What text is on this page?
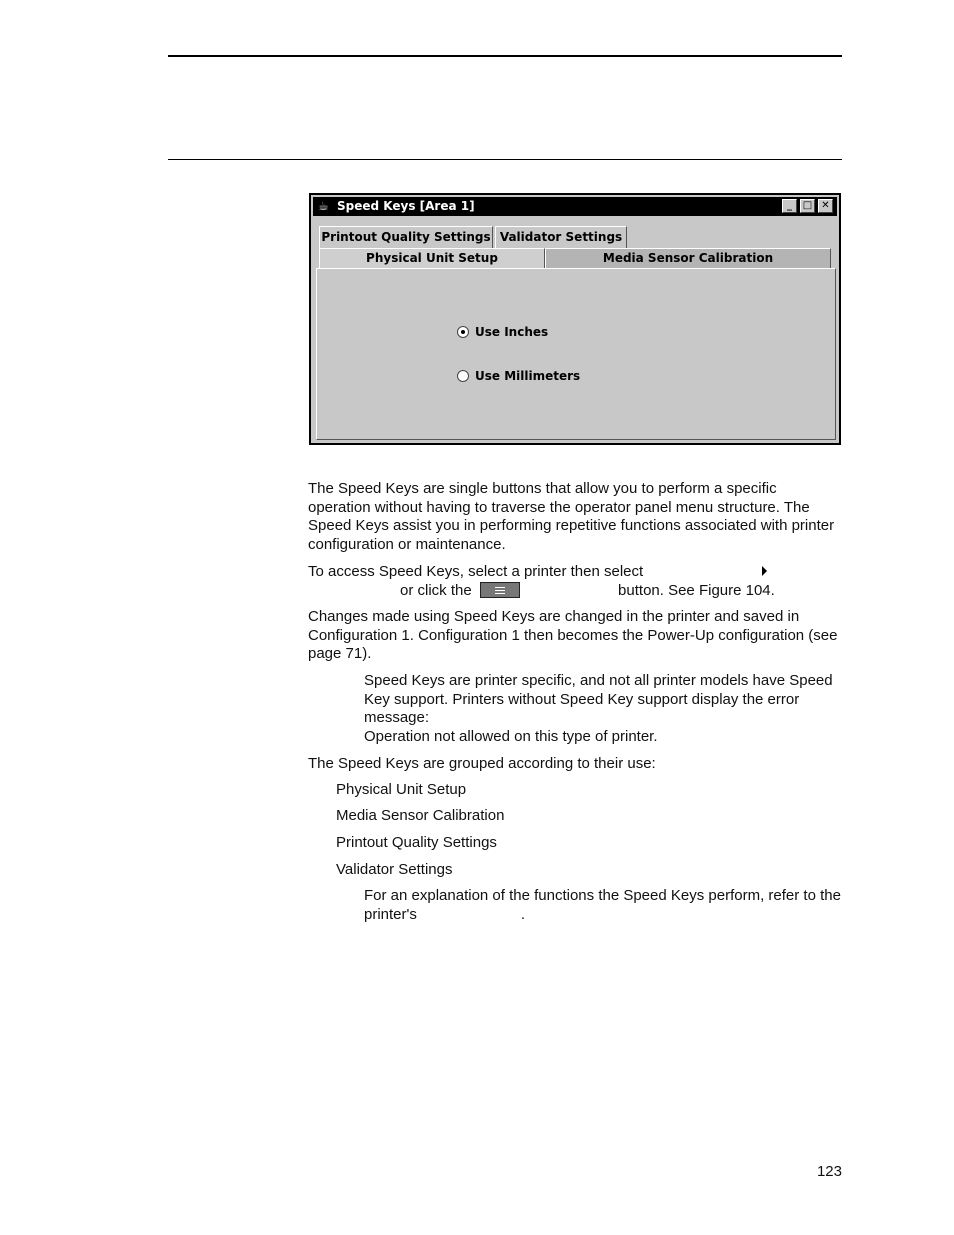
☕ Speed Keys [Area 1]	_	□ ✕
Printout Quality Settings Validator Settings
Physical Unit Setup	Media Sensor Calibration
Use Inches
Use Millimeters

The Speed Keys are single buttons that allow you to perform a specific operation without having to traverse the operator panel menu structure. The Speed Keys assist you in performing repetitive functions associated with printer configuration or maintenance.

To access Speed Keys, select a printer then select
or click the	button. See Figure 104.

Changes made using Speed Keys are changed in the printer and saved in Configuration 1. Configuration 1 then becomes the Power-Up configuration (see page 71).

Speed Keys are printer specific, and not all printer models have Speed Key support. Printers without Speed Key support display the error message:
Operation not allowed on this type of printer.

The Speed Keys are grouped according to their use:

Physical Unit Setup
Media Sensor Calibration
Printout Quality Settings
Validator Settings

For an explanation of the functions the Speed Keys perform, refer to the printer's	.

123
